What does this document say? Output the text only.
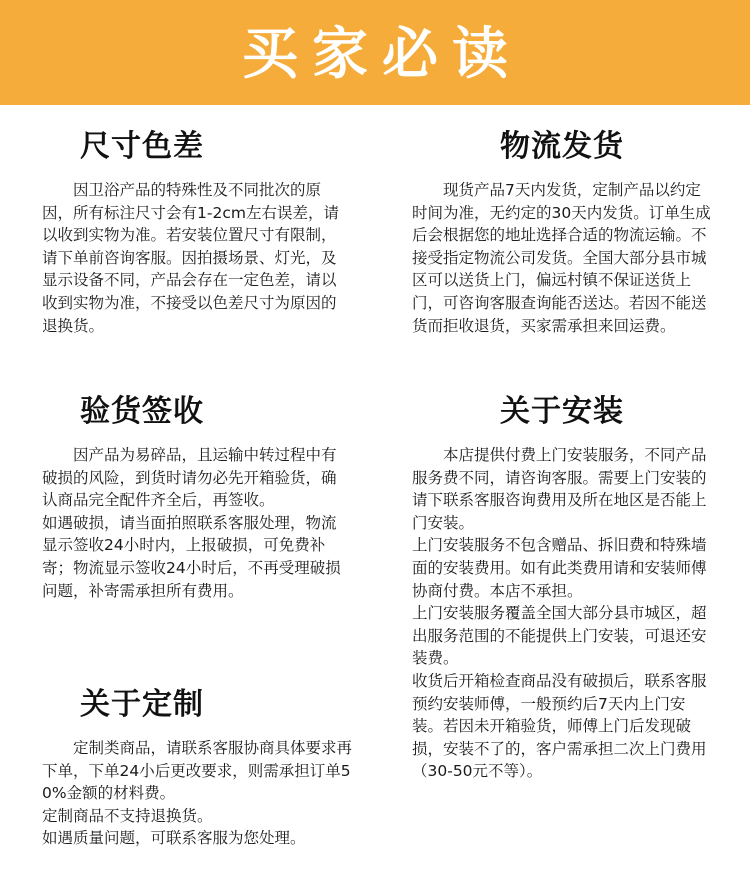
买家必读
尺寸色差

因卫浴产品的特殊性及不同批次的原因，所有标注尺寸会有1-2cm左右误差，请以收到实物为准。若安装位置尺寸有限制，请下单前咨询客服。因拍摄场景、灯光，及显示设备不同，产品会存在一定色差，请以收到实物为准，不接受以色差尺寸为原因的退换货。

物流发货

现货产品7天内发货，定制产品以约定时间为准，无约定的30天内发货。订单生成后会根据您的地址选择合适的物流运输。不接受指定物流公司发货。全国大部分县市城区可以送货上门，偏远村镇不保证送货上门，可咨询客服查询能否送达。若因不能送货而拒收退货，买家需承担来回运费。

验货签收

因产品为易碎品，且运输中转过程中有破损的风险，到货时请勿必先开箱验货，确认商品完全配件齐全后，再签收。

如遇破损，请当面拍照联系客服处理，物流显示签收24小时内，上报破损，可免费补寄；物流显示签收24小时后，不再受理破损问题，补寄需承担所有费用。

关于安装

本店提供付费上门安装服务，不同产品服务费不同，请咨询客服。需要上门安装的请下联系客服咨询费用及所在地区是否能上门安装。

上门安装服务不包含赠品、拆旧费和特殊墙面的安装费用。如有此类费用请和安装师傅协商付费。本店不承担。

上门安装服务覆盖全国大部分县市城区，超出服务范围的不能提供上门安装，可退还安装费。

收货后开箱检查商品没有破损后，联系客服预约安装师傅，一般预约后7天内上门安装。若因未开箱验货，师傅上门后发现破损，安装不了的，客户需承担二次上门费用（30-50元不等）。

关于定制

定制类商品，请联系客服协商具体要求再下单，下单24小后更改要求，则需承担订单50%金额的材料费。

定制商品不支持退换货。

如遇质量问题，可联系客服为您处理。
